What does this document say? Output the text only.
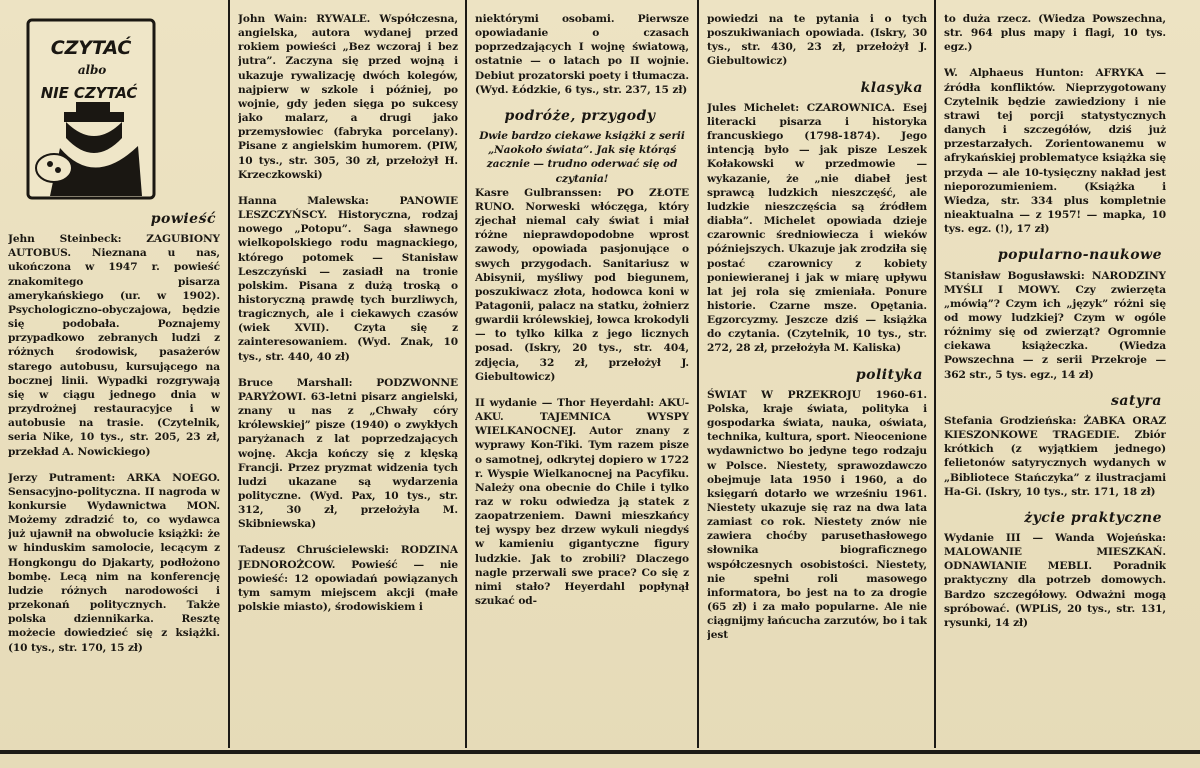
CZYTAĆ
albo
NIE CZYTAĆ
powieść

Jehn Steinbeck: ZAGUBIONY AUTOBUS. Nieznana u nas, ukończona w 1947 r. powieść znakomitego pisarza amerykańskiego (ur. w 1902). Psychologiczno-obyczajowa, będzie się podobała. Poznajemy przypadkowo zebranych ludzi z różnych środowisk, pasażerów starego autobusu, kursującego na bocznej linii. Wypadki rozgrywają się w ciągu jednego dnia w przydrożnej restauracyjce i w autobusie na trasie. (Czytelnik, seria Nike, 10 tys., str. 205, 23 zł, przekład A. Nowickiego)

Jerzy Putrament: ARKA NOEGO. Sensacyjno-polityczna. II nagroda w konkursie Wydawnictwa MON. Możemy zdradzić to, co wydawca już ujawnił na obwolucie książki: że w hinduskim samolocie, lecącym z Hongkongu do Djakarty, podłożono bombę. Lecą nim na konferencję ludzie różnych narodowości i przekonań politycznych. Także polska dziennikarka. Resztę możecie dowiedzieć się z książki. (10 tys., str. 170, 15 zł)

John Wain: RYWALE. Współczesna, angielska, autora wydanej przed rokiem powieści „Bez wczoraj i bez jutra”. Zaczyna się przed wojną i ukazuje rywalizację dwóch kolegów, najpierw w szkole i później, po wojnie, gdy jeden sięga po sukcesy jako malarz, a drugi jako przemysłowiec (fabryka porcelany). Pisane z angielskim humorem. (PIW, 10 tys., str. 305, 30 zł, przełożył H. Krzeczkowski)

Hanna Malewska: PANOWIE LESZCZYŃSCY. Historyczna, rodzaj nowego „Potopu”. Saga sławnego wielkopolskiego rodu magnackiego, którego potomek — Stanisław Leszczyński — zasiadł na tronie polskim. Pisana z dużą troską o historyczną prawdę tych burzliwych, tragicznych, ale i ciekawych czasów (wiek XVII). Czyta się z zainteresowaniem. (Wyd. Znak, 10 tys., str. 440, 40 zł)

Bruce Marshall: PODZWONNE PARYŻOWI. 63-letni pisarz angielski, znany u nas z „Chwały córy królewskiej” pisze (1940) o zwykłych paryżanach z lat poprzedzających wojnę. Akcja kończy się z klęską Francji. Przez pryzmat widzenia tych ludzi ukazane są wydarzenia polityczne. (Wyd. Pax, 10 tys., str. 312, 30 zł, przełożyła M. Skibniewska)

Tadeusz Chruścielewski: RODZINA JEDNOROŻCOW. Powieść — nie powieść: 12 opowiadań powiązanych tym samym miejscem akcji (małe polskie miasto), środowiskiem i

niektórymi osobami. Pierwsze opowiadanie o czasach poprzedzających I wojnę światową, ostatnie — o latach po II wojnie. Debiut prozatorski poety i tłumacza. (Wyd. Łódzkie, 6 tys., str. 237, 15 zł)

podróże, przygody

Dwie bardzo ciekawe książki z serii „Naokoło świata”. Jak się którąś zacznie — trudno oderwać się od czytania!

Kasre Gulbranssen: PO ZŁOTE RUNO. Norweski włóczęga, który zjechał niemal cały świat i miał różne nieprawdopodobne wprost zawody, opowiada pasjonujące o swych przygodach. Sanitariusz w Abisynii, myśliwy pod biegunem, poszukiwacz złota, hodowca koni w Patagonii, palacz na statku, żołnierz gwardii królewskiej, łowca krokodyli — to tylko kilka z jego licznych posad. (Iskry, 20 tys., str. 404, zdjęcia, 32 zł, przełożył J. Giebultowicz)

II wydanie — Thor Heyerdahl: AKU-AKU. TAJEMNICA WYSPY WIELKANOCNEJ. Autor znany z wyprawy Kon-Tiki. Tym razem pisze o samotnej, odkrytej dopiero w 1722 r. Wyspie Wielkanocnej na Pacyfiku. Należy ona obecnie do Chile i tylko raz w roku odwiedza ją statek z zaopatrzeniem. Dawni mieszkańcy tej wyspy bez drzew wykuli niegdyś w kamieniu gigantyczne figury ludzkie. Jak to zrobili? Dlaczego nagle przerwali swe prace? Co się z nimi stało? Heyerdahl popłynął szukać od-

powiedzi na te pytania i o tych poszukiwaniach opowiada. (Iskry, 30 tys., str. 430, 23 zł, przełożył J. Giebultowicz)

klasyka

Jules Michelet: CZAROWNICA. Esej literacki pisarza i historyka francuskiego (1798-1874). Jego intencją było — jak pisze Leszek Kołakowski w przedmowie — wykazanie, że „nie diabeł jest sprawcą ludzkich nieszczęść, ale ludzkie nieszczęścia są źródłem diabła”. Michelet opowiada dzieje czarownic średniowiecza i wieków późniejszych. Ukazuje jak zrodziła się postać czarownicy z kobiety poniewieranej i jak w miarę upływu lat jej rola się zmieniała. Ponure historie. Czarne msze. Opętania. Egzorcyzmy. Jeszcze dziś — książka do czytania. (Czytelnik, 10 tys., str. 272, 28 zł, przełożyła M. Kaliska)

polityka

ŚWIAT W PRZEKROJU 1960-61. Polska, kraje świata, polityka i gospodarka świata, nauka, oświata, technika, kultura, sport. Nieocenione wydawnictwo bo jedyne tego rodzaju w Polsce. Niestety, sprawozdawczo obejmuje lata 1950 i 1960, a do księgarń dotarło we wrześniu 1961. Niestety ukazuje się raz na dwa lata zamiast co rok. Niestety znów nie zawiera choćby parusethasłowego słownika biograficznego współczesnych osobistości. Niestety, nie spełni roli masowego informatora, bo jest na to za drogie (65 zł) i za mało popularne. Ale nie ciągnijmy łańcucha zarzutów, bo i tak jest

to duża rzecz. (Wiedza Powszechna, str. 964 plus mapy i flagi, 10 tys. egz.)

W. Alphaeus Hunton: AFRYKA — źródła konfliktów. Nieprzygotowany Czytelnik będzie zawiedziony i nie strawi tej porcji statystycznych danych i szczegółów, dziś już przestarzałych. Zorientowanemu w afrykańskiej problematyce książka się przyda — ale 10-tysięczny nakład jest nieporozumieniem. (Książka i Wiedza, str. 334 plus kompletnie nieaktualna — z 1957! — mapka, 10 tys. egz. (!), 17 zł)

popularno-naukowe

Stanisław Bogusławski: NARODZINY MYŚLI I MOWY. Czy zwierzęta „mówią”? Czym ich „język” różni się od mowy ludzkiej? Czym w ogóle różnimy się od zwierząt? Ogromnie ciekawa książeczka. (Wiedza Powszechna — z serii Przekroje — 362 str., 5 tys. egz., 14 zł)

satyra

Stefania Grodzieńska: ŻABKA ORAZ KIESZONKOWE TRAGEDIE. Zbiór krótkich (z wyjątkiem jednego) felietonów satyrycznych wydanych w „Bibliotece Stańczyka” z ilustracjami Ha-Gi. (Iskry, 10 tys., str. 171, 18 zł)

życie praktyczne

Wydanie III — Wanda Wojeńska: MALOWANIE MIESZKAŃ. ODNAWIANIE MEBLI. Poradnik praktyczny dla potrzeb domowych. Bardzo szczegółowy. Odważni mogą spróbować. (WPLiS, 20 tys., str. 131, rysunki, 14 zł)
